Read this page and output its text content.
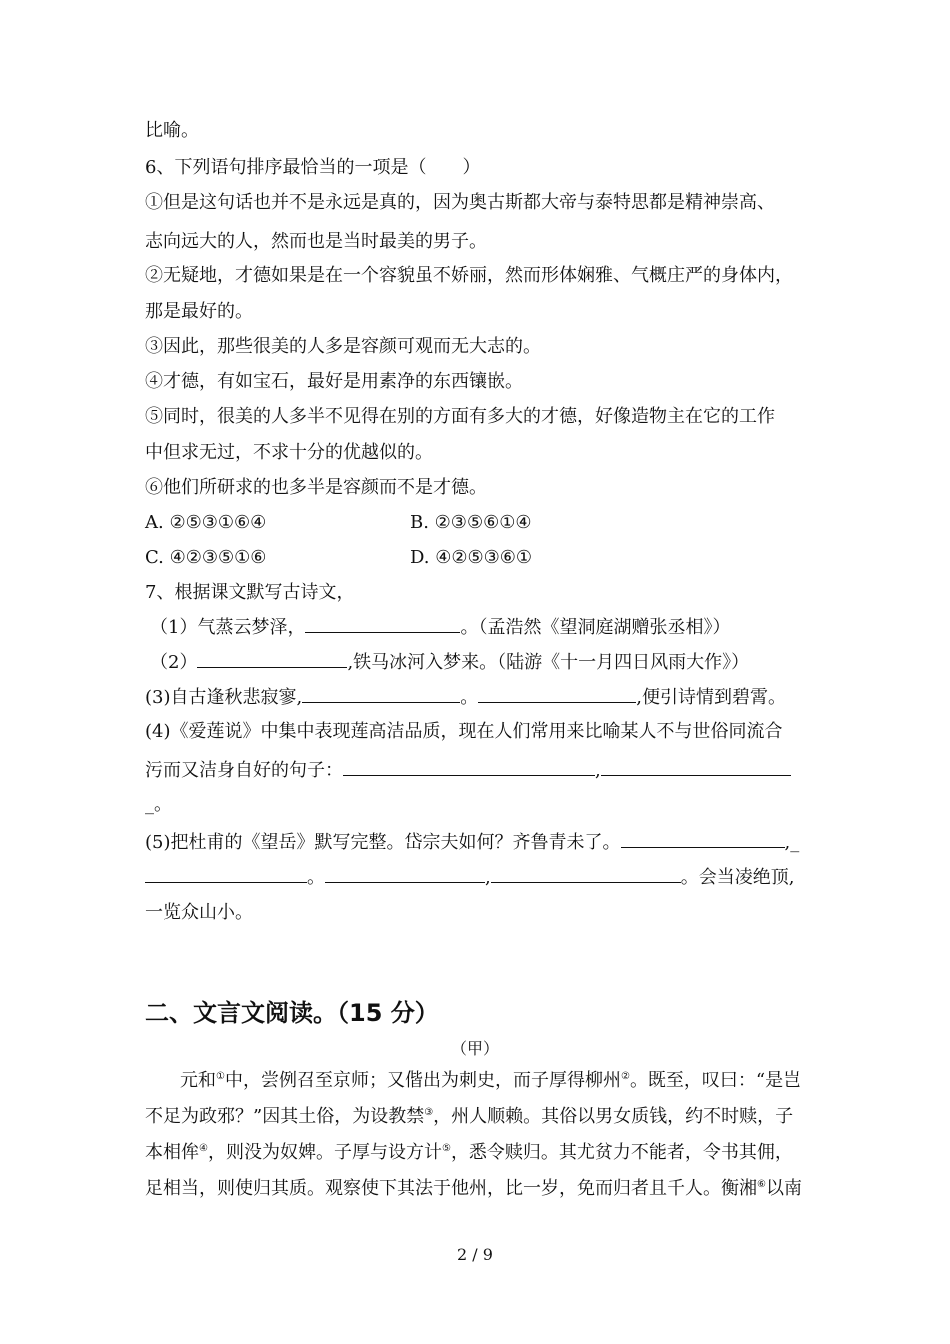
比喻。
6、下列语句排序最恰当的一项是（　　）
①但是这句话也并不是永远是真的，因为奥古斯都大帝与泰特思都是精神崇高、
志向远大的人，然而也是当时最美的男子。
②无疑地，才德如果是在一个容貌虽不娇丽，然而形体娴雅、气概庄严的身体内，
那是最好的。
③因此，那些很美的人多是容颜可观而无大志的。
④才德，有如宝石，最好是用素净的东西镶嵌。
⑤同时，很美的人多半不见得在别的方面有多大的才德，好像造物主在它的工作
中但求无过，不求十分的优越似的。
⑥他们所研求的也多半是容颜而不是才德。
A. ②⑤③①⑥④	B. ②③⑤⑥①④
C. ④②③⑤①⑥	D. ④②⑤③⑥①
7、根据课文默写古诗文，
（1）气蒸云梦泽，	。（孟浩然《望洞庭湖赠张丞相》）
（2）	,铁马冰河入梦来。（陆游《十一月四日风雨大作》）
(3)自古逢秋悲寂寥,	。	,便引诗情到碧霄。
(4)《爱莲说》中集中表现莲高洁品质，现在人们常用来比喻某人不与世俗同流合
污而又洁身自好的句子：	,
_。
(5)把杜甫的《望岳》默写完整。岱宗夫如何？齐鲁青未了。	,_
。	,	。会当凌绝顶,
一览众山小。
二、文言文阅读。（15 分）
（甲）
元和①中，尝例召至京师；又偕出为刺史，而子厚得柳州②。既至，叹曰：“是岂
不足为政邪？”因其土俗，为设教禁③，州人顺赖。其俗以男女质钱，约不时赎，子
本相侔④，则没为奴婢。子厚与设方计⑤，悉令赎归。其尤贫力不能者，令书其佣，
足相当，则使归其质。观察使下其法于他州，比一岁，免而归者且千人。衡湘⑥以南
2 / 9
